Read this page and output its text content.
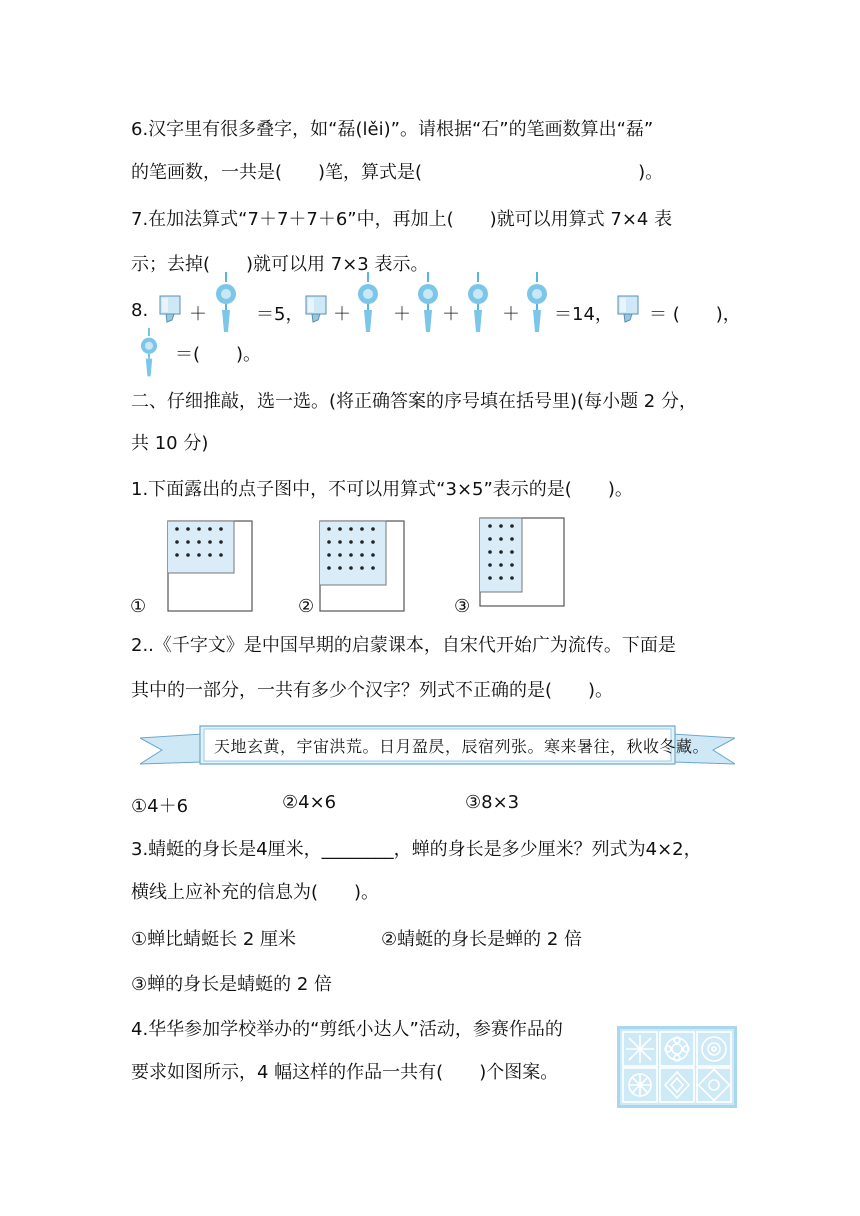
6.汉字里有很多叠字，如“磊(lěi)”。请根据“石”的笔画数算出“磊”
的笔画数，一共是(　　)笔，算式是(　　　　　　　　　　　　)。
7.在加法算式“7＋7＋7＋6”中，再加上(　　)就可以用算式 7×4 表
示；去掉(　　)就可以用 7×3 表示。
8. ＋	＝5， ＋ ＋ ＋ ＋ ＝14， ＝ (　　)，
＝(　　)。
二、仔细推敲，选一选。(将正确答案的序号填在括号里)(每小题 2 分，
共 10 分)
1.下面露出的点子图中，不可以用算式“3×5”表示的是(　　)。
①	②	③
2..《千字文》是中国早期的启蒙课本，自宋代开始广为流传。下面是
其中的一部分，一共有多少个汉字？列式不正确的是(　　)。
天地玄黄，宇宙洪荒。日月盈昃，辰宿列张。寒来暑往，秋收冬藏。
①4＋6	②4×6	③8×3
3.蜻蜓的身长是4厘米，________，蝉的身长是多少厘米？列式为4×2，
横线上应补充的信息为(　　)。
①蝉比蜻蜓长 2 厘米	②蜻蜓的身长是蝉的 2 倍
③蝉的身长是蜻蜓的 2 倍
4.华华参加学校举办的“剪纸小达人”活动，参赛作品的
要求如图所示，4 幅这样的作品一共有(　　)个图案。
